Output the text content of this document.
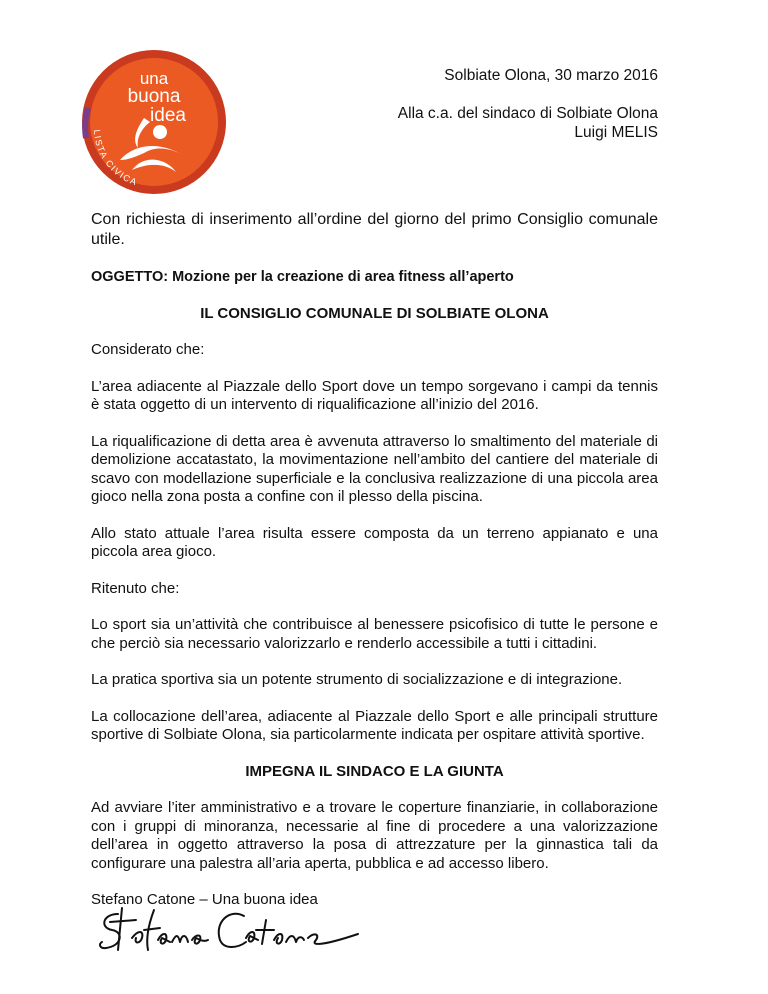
una
buona
idea
LISTA CIVICA
Solbiate Olona, 30 marzo 2016
Alla c.a. del sindaco di Solbiate Olona
Luigi MELIS

Con richiesta di inserimento all’ordine del giorno del primo Consiglio comunale utile.

OGGETTO: Mozione per la creazione di area fitness all’aperto

IL CONSIGLIO COMUNALE DI SOLBIATE OLONA

Considerato che:

L’area adiacente al Piazzale dello Sport dove un tempo sorgevano i campi da tennis è stata oggetto di un intervento di riqualificazione all’inizio del 2016.

La riqualificazione di detta area è avvenuta attraverso lo smaltimento del materiale di demolizione accatastato, la movimentazione nell’ambito del cantiere del materiale di scavo con modellazione superficiale e la conclusiva realizzazione di una piccola area gioco nella zona posta a confine con il plesso della piscina.

Allo stato attuale l’area risulta essere composta da un terreno appianato e una piccola area gioco.

Ritenuto che:

Lo sport sia un’attività che contribuisce al benessere psicofisico di tutte le persone e che perciò sia necessario valorizzarlo e renderlo accessibile a tutti i cittadini.

La pratica sportiva sia un potente strumento di socializzazione e di integrazione.

La collocazione dell’area, adiacente al Piazzale dello Sport e alle principali strutture sportive di Solbiate Olona, sia particolarmente indicata per ospitare attività sportive.

IMPEGNA IL SINDACO E LA GIUNTA

Ad avviare l’iter amministrativo e a trovare le coperture finanziarie, in collaborazione con i gruppi di minoranza, necessarie al fine di procedere a una valorizzazione dell’area in oggetto attraverso la posa di attrezzature per la ginnastica tali da configurare una palestra all’aria aperta, pubblica e ad accesso libero.

Stefano Catone – Una buona idea
